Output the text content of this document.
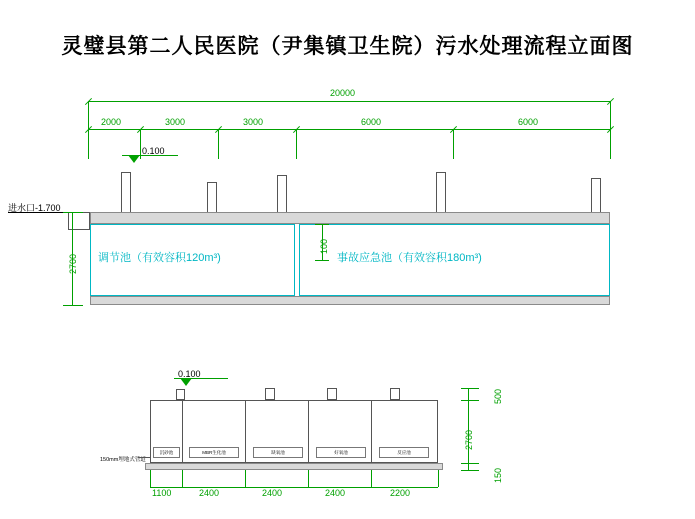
灵璧县第二人民医院（尹集镇卫生院）污水处理流程立面图
20000
2000	3000	3000	6000	6000
0.100
进水口-1.700
调节池（有效容积120m³)	事故应急池（有效容积180m³)
2700
100
0.100
沉砂池	MBR生化池	缺氧池	好氧池	反应池
150mm埋地式管道
1100	2400	2400	2400	2200
500
2700
150
